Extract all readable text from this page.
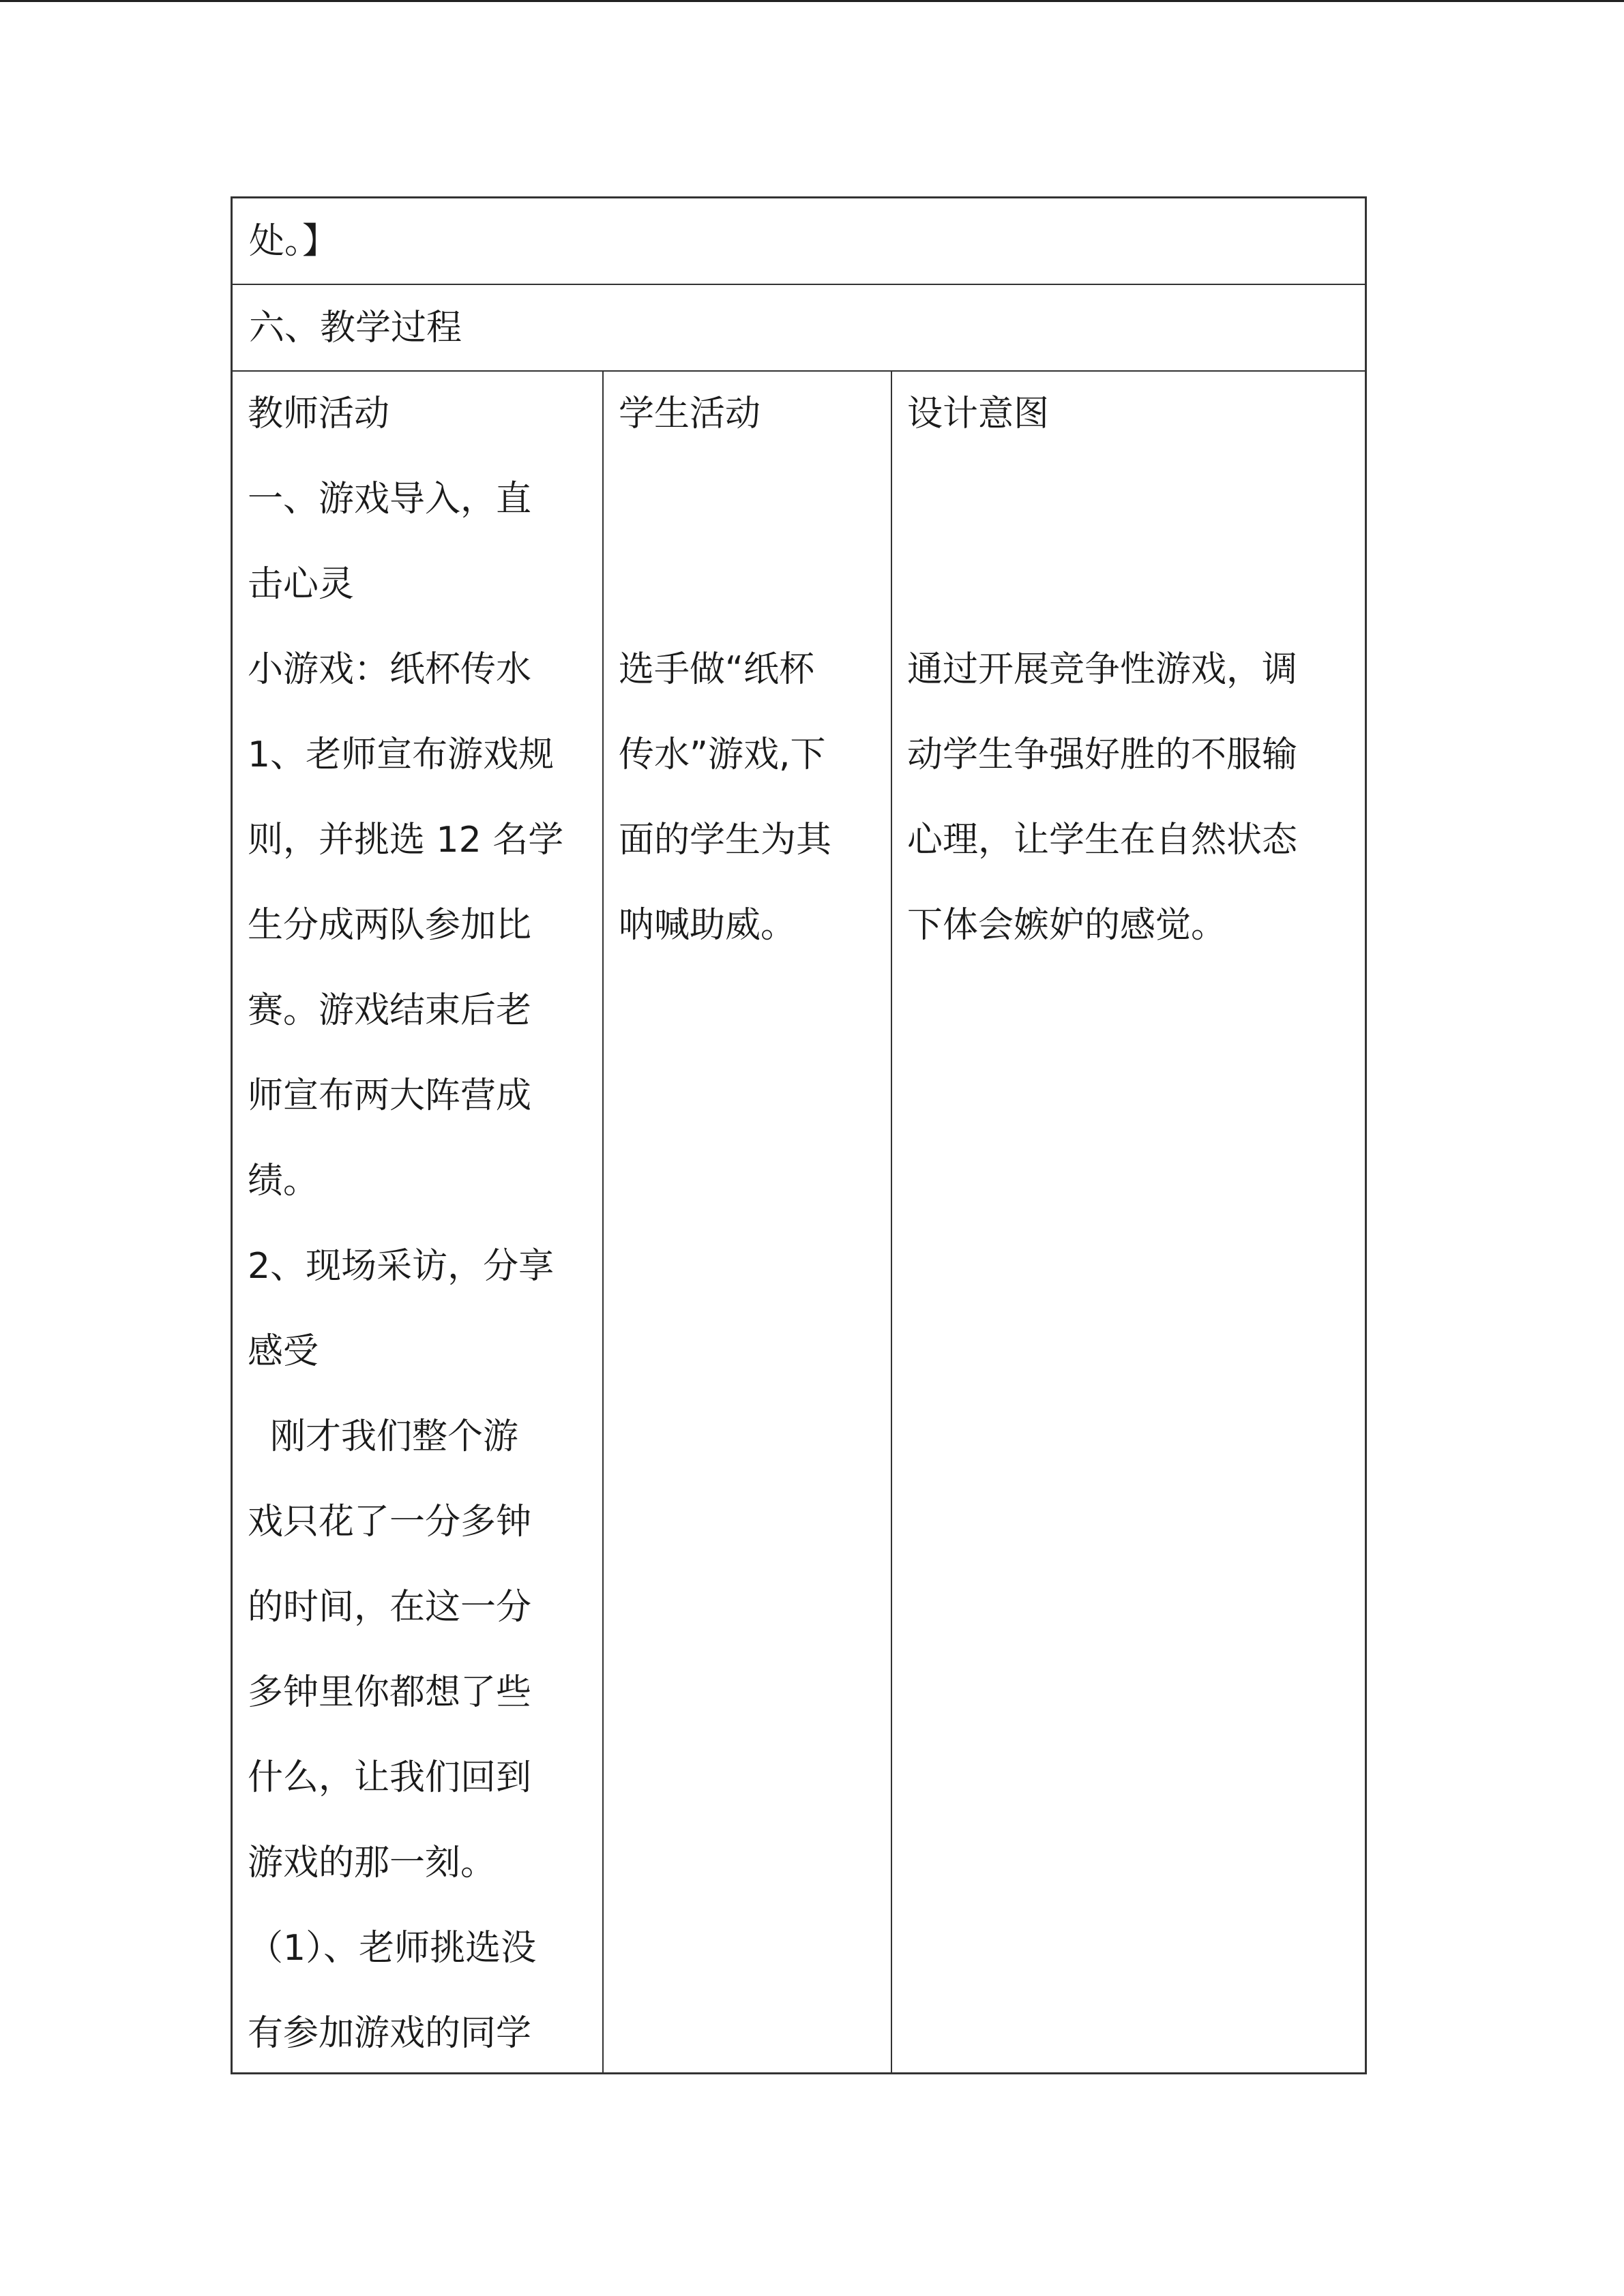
处。】
六、教学过程
教师活动
一、游戏导入，直
击心灵
小游戏：纸杯传水
1、老师宣布游戏规
则，并挑选 12 名学
生分成两队参加比
赛。游戏结束后老
师宣布两大阵营成
绩。
2、现场采访，分享
感受
刚才我们整个游
戏只花了一分多钟
的时间，在这一分
多钟里你都想了些
什么，让我们回到
游戏的那一刻。
（1）、老师挑选没
有参加游戏的同学
学生活动

选手做“纸杯
传水”游戏,下
面的学生为其
呐喊助威。
设计意图

通过开展竞争性游戏，调
动学生争强好胜的不服输
心理，让学生在自然状态
下体会嫉妒的感觉。
